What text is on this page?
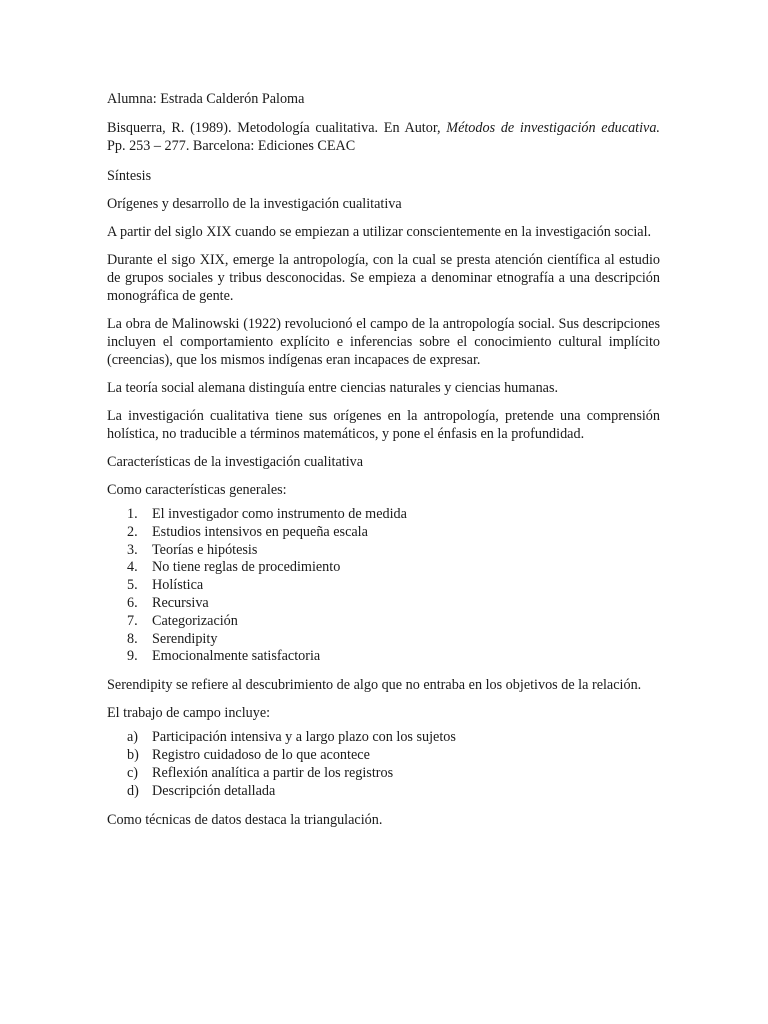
Alumna: Estrada Calderón Paloma

Bisquerra, R. (1989). Metodología cualitativa. En Autor, Métodos de investigación educativa. Pp. 253 – 277. Barcelona: Ediciones CEAC

Síntesis

Orígenes y desarrollo de la investigación cualitativa

A partir del siglo XIX cuando se empiezan a utilizar conscientemente en la investigación social.

Durante el sigo XIX, emerge la antropología, con la cual se presta atención científica al estudio de grupos sociales y tribus desconocidas. Se empieza a denominar etnografía a una descripción monográfica de gente.

La obra de Malinowski (1922) revolucionó el campo de la antropología social. Sus descripciones incluyen el comportamiento explícito e inferencias sobre el conocimiento cultural implícito (creencias), que los mismos indígenas eran incapaces de expresar.

La teoría social alemana distinguía entre ciencias naturales y ciencias humanas.

La investigación cualitativa tiene sus orígenes en la antropología, pretende una comprensión holística, no traducible a términos matemáticos, y pone el énfasis en la profundidad.

Características de la investigación cualitativa

Como características generales:

1.	El investigador como instrumento de medida
2.	Estudios intensivos en pequeña escala
3.	Teorías e hipótesis
4.	No tiene reglas de procedimiento
5.	Holística
6.	Recursiva
7.	Categorización
8.	Serendipity
9.	Emocionalmente satisfactoria

Serendipity se refiere al descubrimiento de algo que no entraba en los objetivos de la relación.

El trabajo de campo incluye:

a) Participación intensiva y a largo plazo con los sujetos
b) Registro cuidadoso de lo que acontece
c) Reflexión analítica a partir de los registros
d) Descripción detallada

Como técnicas de datos destaca la triangulación.
